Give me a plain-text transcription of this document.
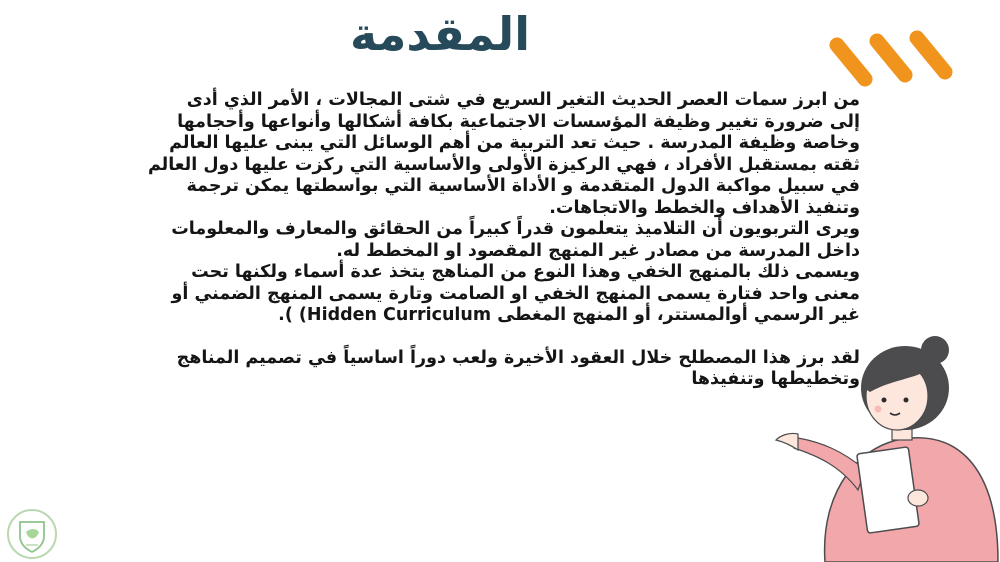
المقدمة

من ابرز سمات العصر الحديث التغير السريع في شتى المجالات ، الأمر الذي أدى
إلى ضرورة تغيير وظيفة المؤسسات الاجتماعية بكافة أشكالها وأنواعها وأحجامها
وخاصة وظيفة المدرسة . حيث تعد التربية من أهم الوسائل التي يبنى عليها العالم
ثقته بمستقبل الأفراد ، فهي الركيزة الأولى والأساسية التي ركزت عليها دول العالم
في سبيل مواكبة الدول المتقدمة و الأداة الأساسية التي بواسطتها يمكن ترجمة
وتنفيذ الأهداف والخطط والاتجاهات.

ويرى التربويون أن التلاميذ يتعلمون قدراً كبيراً من الحقائق والمعارف والمعلومات
داخل المدرسة من مصادر غير المنهج المقصود او المخطط له.

ويسمى ذلك بالمنهج الخفي وهذا النوع من المناهج يتخذ عدة أسماء ولكنها تحت
معنى واحد فتارة يسمى المنهج الخفي او الصامت وتارة يسمى المنهج الضمني أو
غير الرسمي أوالمستتر، أو المنهج المغطى Hidden Curriculum) ).

لقد برز هذا المصطلح خلال العقود الأخيرة ولعب دوراً اساسياً في تصميم المناهج
وتخطيطها وتنفيذها
